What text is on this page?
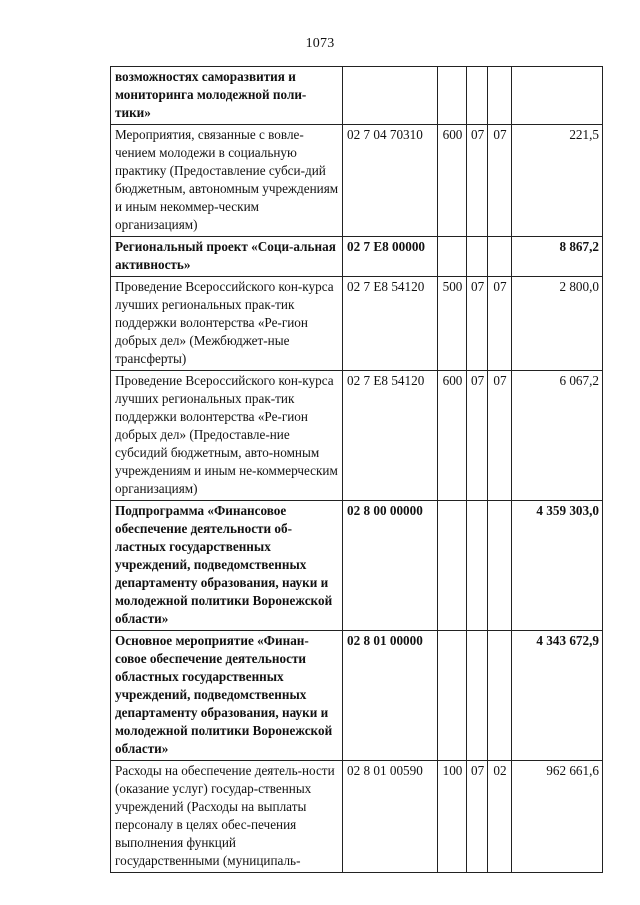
1073
возможностях саморазвития и мониторинга молодежной поли-тики»					
Мероприятия, связанные с вовле-чением молодежи в социальную практику (Предоставление субси-дий бюджетным, автономным учреждениям и иным некоммер-ческим организациям)	02 7 04 70310	600	07	07	221,5
Региональный проект «Соци-альная активность»	02 7 E8 00000				8 867,2
Проведение Всероссийского кон-курса лучших региональных прак-тик поддержки волонтерства «Ре-гион добрых дел» (Межбюджет-ные трансферты)	02 7 E8 54120	500	07	07	2 800,0
Проведение Всероссийского кон-курса лучших региональных прак-тик поддержки волонтерства «Ре-гион добрых дел» (Предоставле-ние субсидий бюджетным, авто-номным учреждениям и иным не-коммерческим организациям)	02 7 E8 54120	600	07	07	6 067,2
Подпрограмма «Финансовое обеспечение деятельности об-ластных государственных учреждений, подведомственных департаменту образования, науки и молодежной политики Воронежской области»	02 8 00 00000				4 359 303,0
Основное мероприятие «Финан-совое обеспечение деятельности областных государственных учреждений, подведомственных департаменту образования, науки и молодежной политики Воронежской области»	02 8 01 00000				4 343 672,9
Расходы на обеспечение деятель-ности (оказание услуг) государ-ственных учреждений (Расходы на выплаты персоналу в целях обес-печения выполнения функций государственными (муниципаль-	02 8 01 00590	100	07	02	962 661,6
